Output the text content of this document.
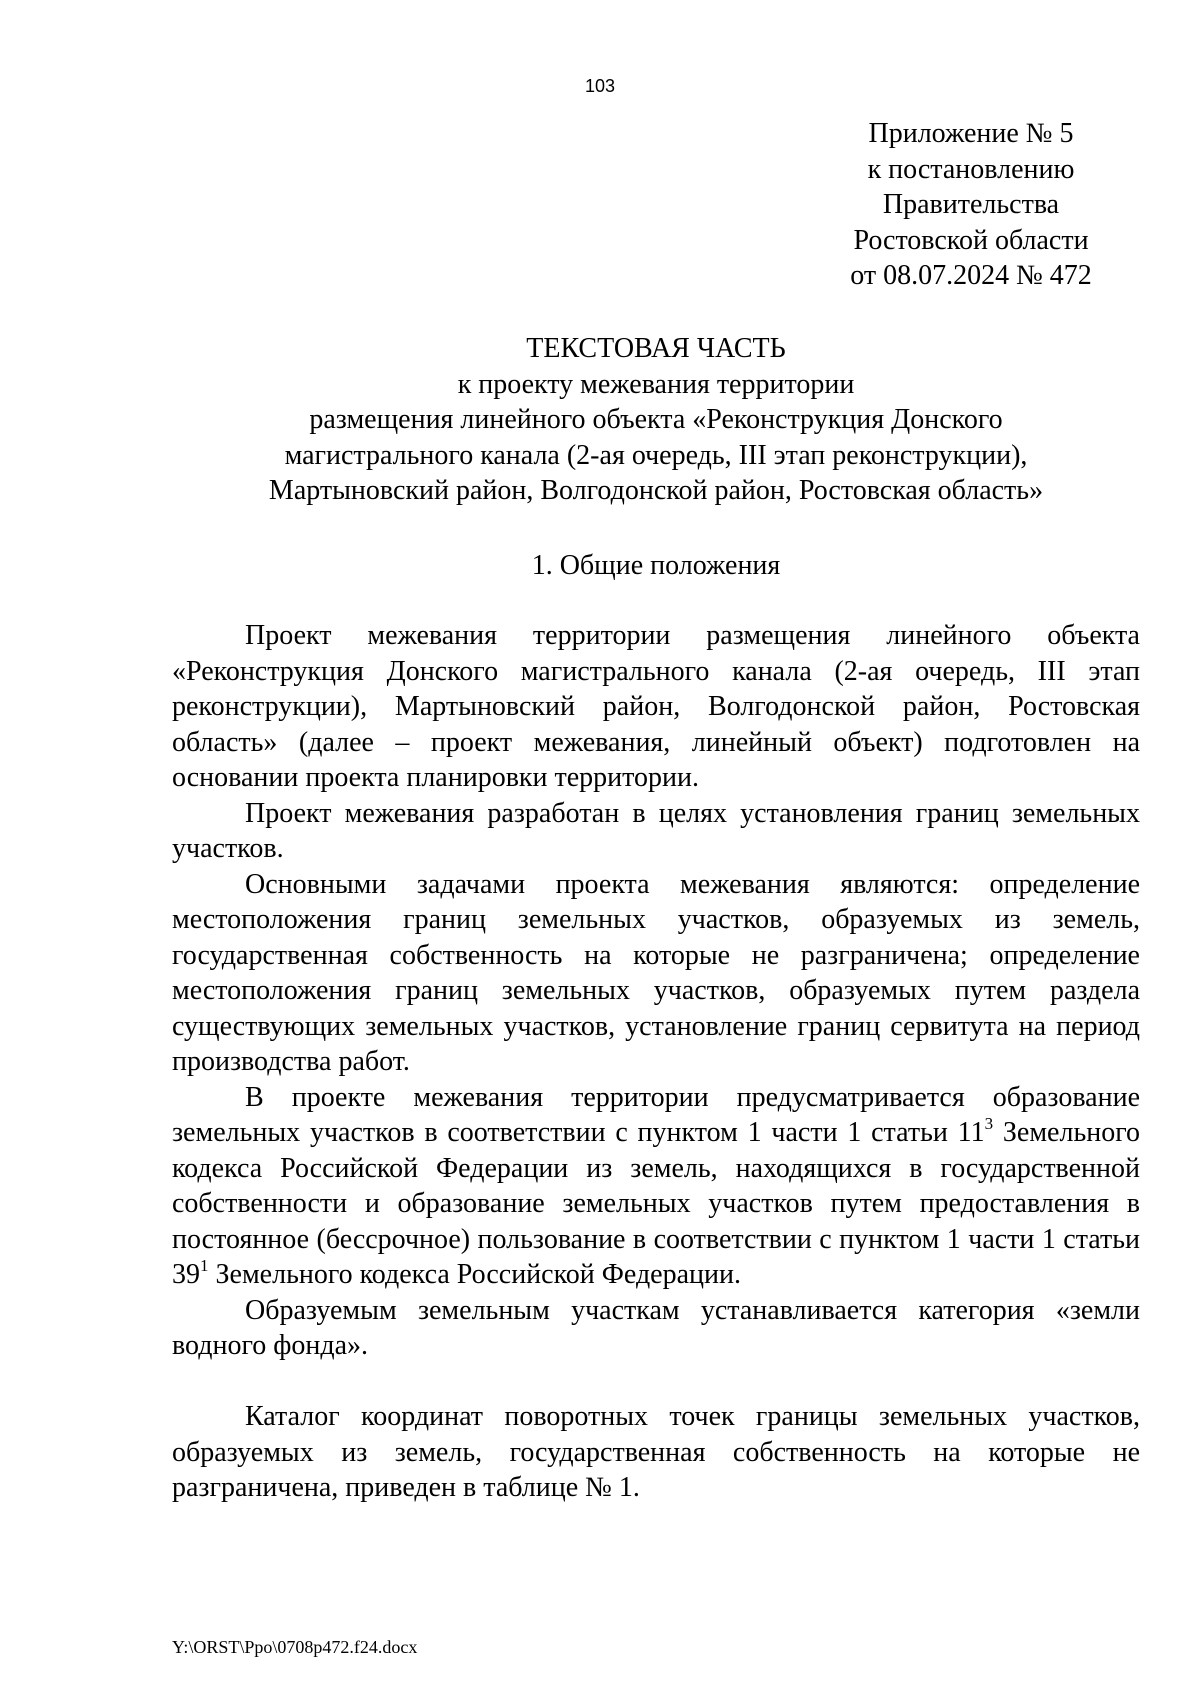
103
Приложение № 5
к постановлению
Правительства
Ростовской области
от 08.07.2024 № 472
ТЕКСТОВАЯ ЧАСТЬ
к проекту межевания территории
размещения линейного объекта «Реконструкция Донского
магистрального канала (2-ая очередь, III этап реконструкции),
Мартыновский район, Волгодонской район, Ростовская область»
1. Общие положения

Проект межевания территории размещения линейного объекта «Реконструкция Донского магистрального канала (2-ая очередь, III этап реконструкции), Мартыновский район, Волгодонской район, Ростовская область» (далее – проект межевания, линейный объект) подготовлен на основании проекта планировки территории.

Проект межевания разработан в целях установления границ земельных участков.

Основными задачами проекта межевания являются: определение местоположения границ земельных участков, образуемых из земель, государственная собственность на которые не разграничена; определение местоположения границ земельных участков, образуемых путем раздела существующих земельных участков, установление границ сервитута на период производства работ.

В проекте межевания территории предусматривается образование земельных участков в соответствии с пунктом 1 части 1 статьи $11^3$ Земельного кодекса Российской Федерации из земель, находящихся в государственной собственности и образование земельных участков путем предоставления в постоянное (бессрочное) пользование в соответствии с пунктом 1 части 1 статьи $39^1$ Земельного кодекса Российской Федерации.

Образуемым земельным участкам устанавливается категория «земли водного фонда».

Каталог координат поворотных точек границы земельных участков, образуемых из земель, государственная собственность на которые не разграничена, приведен в таблице № 1.

Y:\ORST\Ppo\0708p472.f24.docx
